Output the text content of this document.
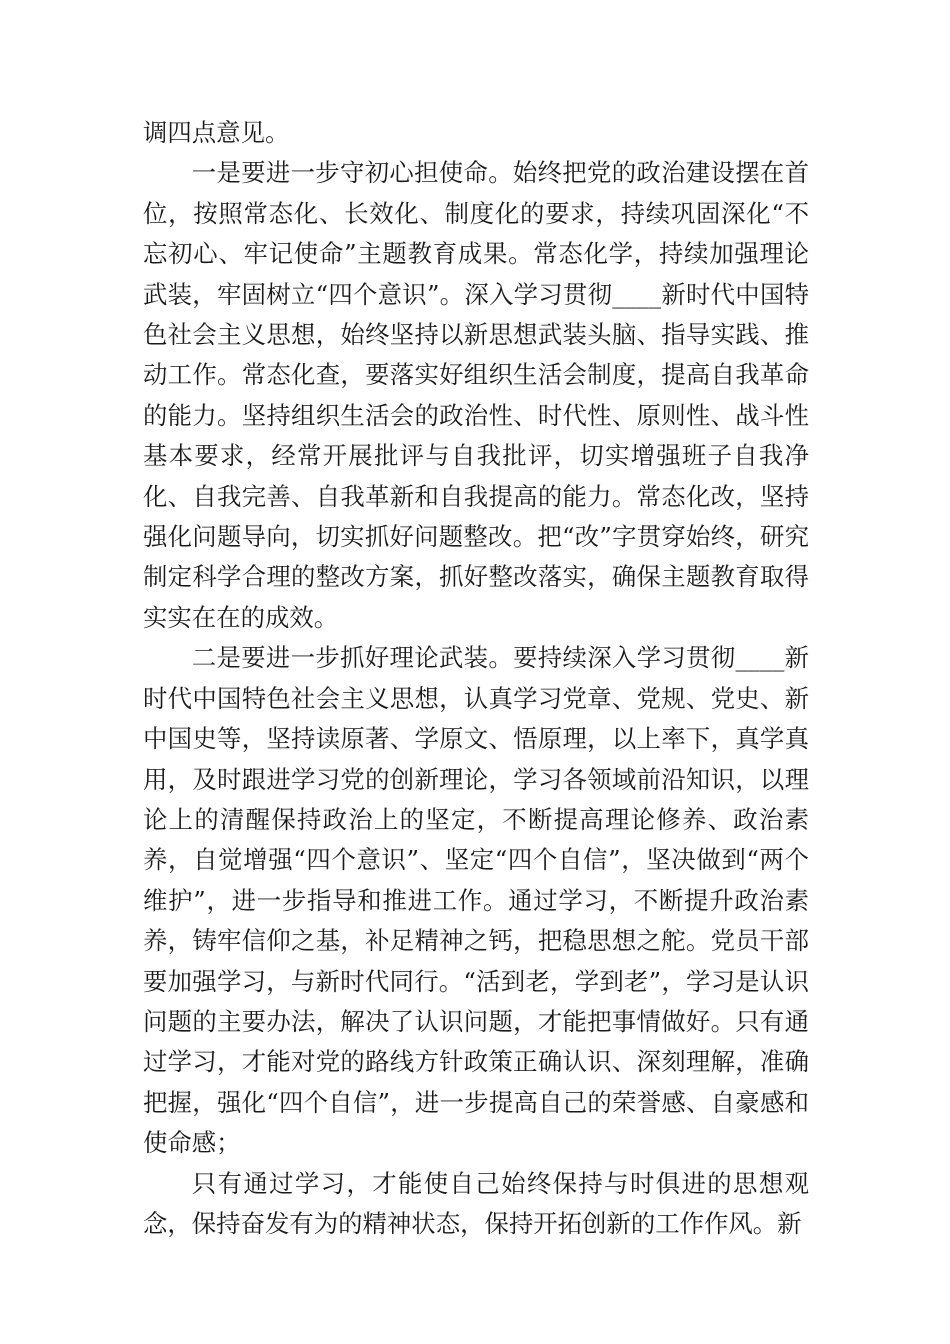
调四点意见。

一是要进一步守初心担使命。始终把党的政治建设摆在首位，按照常态化、长效化、制度化的要求，持续巩固深化“不忘初心、牢记使命”主题教育成果。常态化学，持续加强理论武装，牢固树立“四个意识”。深入学习贯彻____新时代中国特色社会主义思想，始终坚持以新思想武装头脑、指导实践、推动工作。常态化查，要落实好组织生活会制度，提高自我革命的能力。坚持组织生活会的政治性、时代性、原则性、战斗性基本要求，经常开展批评与自我批评，切实增强班子自我净化、自我完善、自我革新和自我提高的能力。常态化改，坚持强化问题导向，切实抓好问题整改。把“改”字贯穿始终，研究制定科学合理的整改方案，抓好整改落实，确保主题教育取得实实在在的成效。

二是要进一步抓好理论武装。要持续深入学习贯彻____新时代中国特色社会主义思想，认真学习党章、党规、党史、新中国史等，坚持读原著、学原文、悟原理，以上率下，真学真用，及时跟进学习党的创新理论，学习各领域前沿知识，以理论上的清醒保持政治上的坚定，不断提高理论修养、政治素养，自觉增强“四个意识”、坚定“四个自信”，坚决做到“两个维护”，进一步指导和推进工作。通过学习，不断提升政治素养，铸牢信仰之基，补足精神之钙，把稳思想之舵。党员干部要加强学习，与新时代同行。“活到老，学到老”，学习是认识问题的主要办法，解决了认识问题，才能把事情做好。只有通过学习，才能对党的路线方针政策正确认识、深刻理解，准确把握，强化“四个自信”，进一步提高自己的荣誉感、自豪感和使命感；

只有通过学习，才能使自己始终保持与时俱进的思想观念，保持奋发有为的精神状态，保持开拓创新的工作作风。新
